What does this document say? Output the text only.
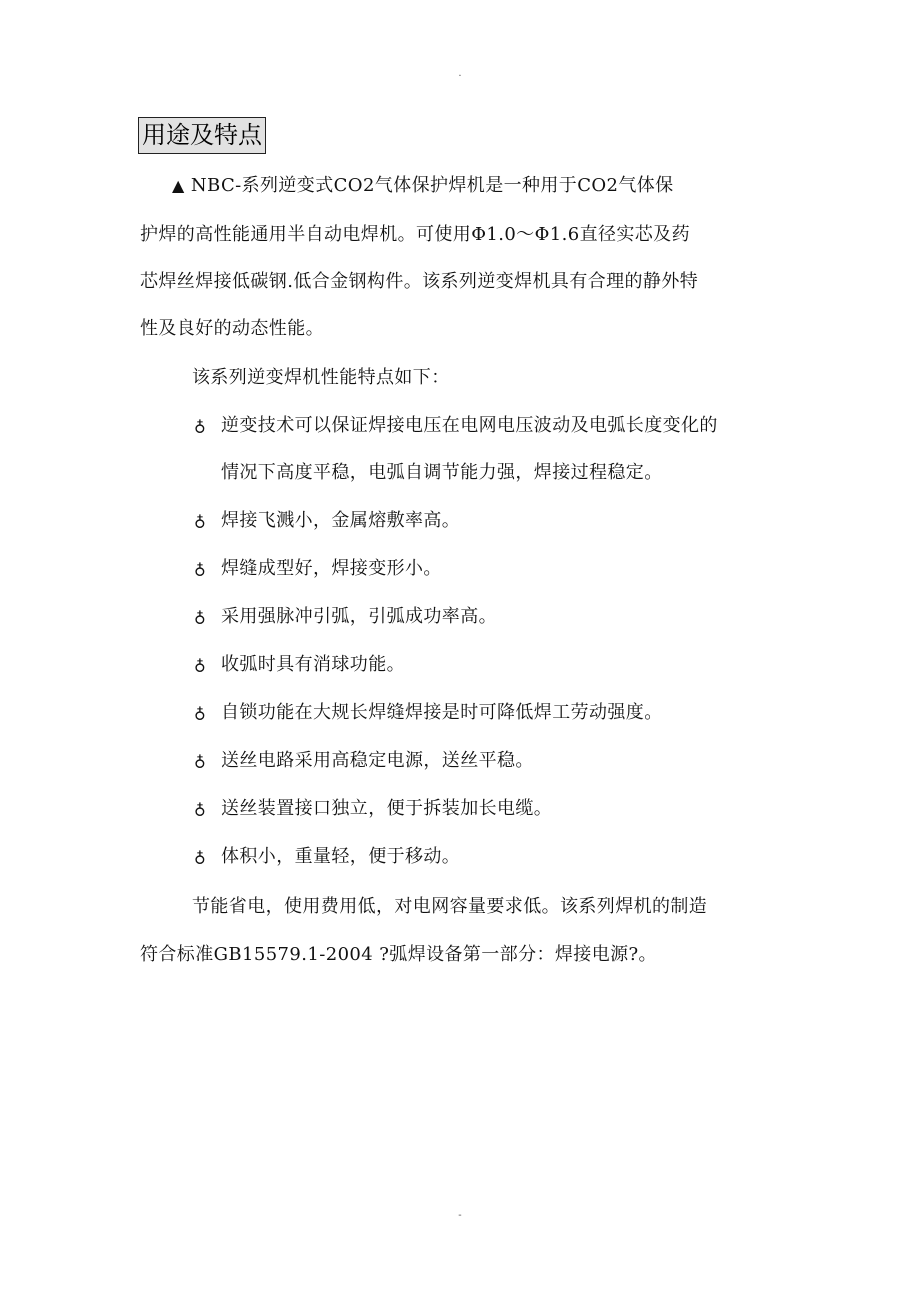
.
用途及特点
▲ NBC-系列逆变式CO2气体保护焊机是一种用于CO2气体保
护焊的高性能通用半自动电焊机。可使用Φ1.0～Φ1.6直径实芯及药
芯焊丝焊接低碳钢.低合金钢构件。该系列逆变焊机具有合理的静外特
性及良好的动态性能。
该系列逆变焊机性能特点如下：
♁ 逆变技术可以保证焊接电压在电网电压波动及电弧长度变化的
情况下高度平稳，电弧自调节能力强，焊接过程稳定。
♁ 焊接飞溅小，金属熔敷率高。
♁ 焊缝成型好，焊接变形小。
♁ 采用强脉冲引弧，引弧成功率高。
♁ 收弧时具有消球功能。
♁ 自锁功能在大规长焊缝焊接是时可降低焊工劳动强度。
♁ 送丝电路采用高稳定电源，送丝平稳。
♁ 送丝装置接口独立，便于拆装加长电缆。
♁ 体积小，重量轻，便于移动。
节能省电，使用费用低，对电网容量要求低。该系列焊机的制造
符合标准GB15579.1-2004 ?弧焊设备第一部分：焊接电源?。
-
